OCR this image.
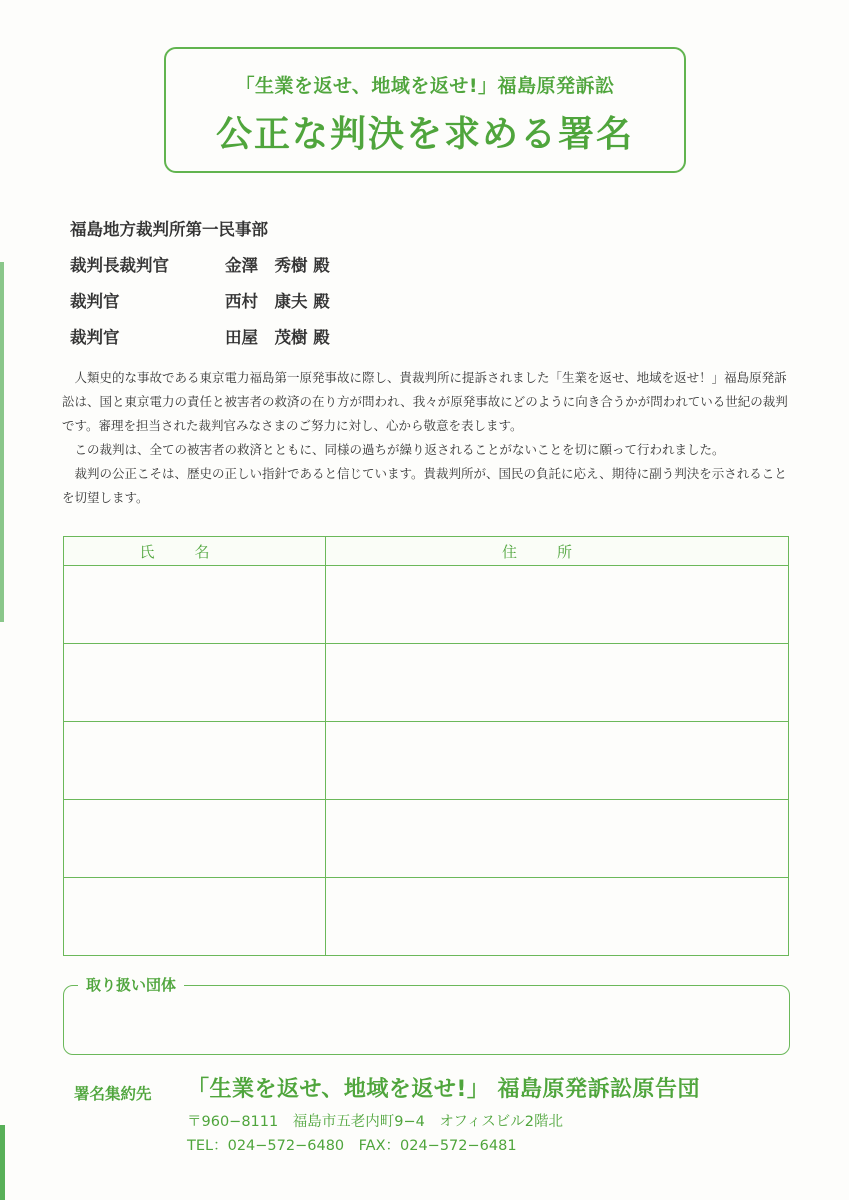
「生業を返せ、地域を返せ!」福島原発訴訟
公正な判決を求める署名
福島地方裁判所第一民事部
裁判長裁判官	金澤　秀樹 殿
裁判官	西村　康夫 殿
裁判官	田屋　茂樹 殿

人類史的な事故である東京電力福島第一原発事故に際し、貴裁判所に提訴されました「生業を返せ、地域を返せ！」福島原発訴訟は、国と東京電力の責任と被害者の救済の在り方が問われ、我々が原発事故にどのように向き合うかが問われている世紀の裁判です。審理を担当された裁判官みなさまのご努力に対し、心から敬意を表します。

この裁判は、全ての被害者の救済とともに、同様の過ちが繰り返されることがないことを切に願って行われました。

裁判の公正こそは、歴史の正しい指針であると信じています。貴裁判所が、国民の負託に応え、期待に副う判決を示されることを切望します。

氏名	住所

取り扱い団体
署名集約先 「生業を返せ、地域を返せ!」 福島原発訴訟原告団
〒960−8111　福島市五老内町9−4　オフィスビル2階北
TEL：024−572−6480　FAX：024−572−6481
